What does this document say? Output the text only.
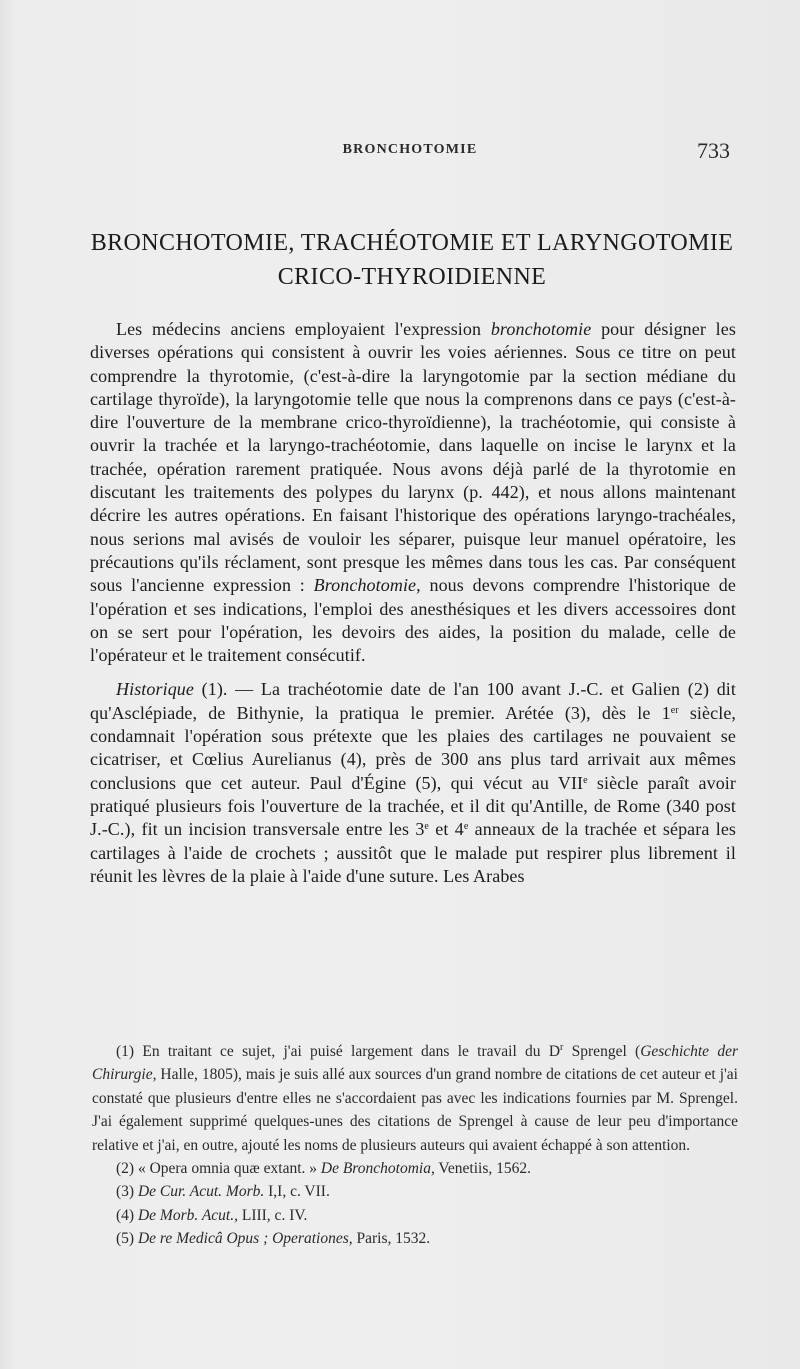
BRONCHOTOMIE	733
BRONCHOTOMIE, TRACHÉOTOMIE ET LARYNGOTOMIE
CRICO-THYROIDIENNE

Les médecins anciens employaient l'expression bronchotomie pour désigner les diverses opérations qui consistent à ouvrir les voies aériennes. Sous ce titre on peut comprendre la thyrotomie, (c'est-à-dire la laryngotomie par la section médiane du cartilage thyroïde), la laryngotomie telle que nous la comprenons dans ce pays (c'est-à-dire l'ouverture de la membrane crico-thyroïdienne), la trachéotomie, qui consiste à ouvrir la trachée et la laryngo-trachéotomie, dans laquelle on incise le larynx et la trachée, opération rarement pratiquée. Nous avons déjà parlé de la thyrotomie en discutant les traitements des polypes du larynx (p. 442), et nous allons maintenant décrire les autres opérations. En faisant l'historique des opérations laryngo-trachéales, nous serions mal avisés de vouloir les séparer, puisque leur manuel opératoire, les précautions qu'ils réclament, sont presque les mêmes dans tous les cas. Par conséquent sous l'ancienne expression : Bronchotomie, nous devons comprendre l'historique de l'opération et ses indications, l'emploi des anesthésiques et les divers accessoires dont on se sert pour l'opération, les devoirs des aides, la position du malade, celle de l'opérateur et le traitement consécutif.

Historique (1). — La trachéotomie date de l'an 100 avant J.-C. et Galien (2) dit qu'Asclépiade, de Bithynie, la pratiqua le premier. Arétée (3), dès le 1er siècle, condamnait l'opération sous prétexte que les plaies des cartilages ne pouvaient se cicatriser, et Cœlius Aurelianus (4), près de 300 ans plus tard arrivait aux mêmes conclusions que cet auteur. Paul d'Égine (5), qui vécut au VIIe siècle paraît avoir pratiqué plusieurs fois l'ouverture de la trachée, et il dit qu'Antille, de Rome (340 post J.-C.), fit un incision transversale entre les 3e et 4e anneaux de la trachée et sépara les cartilages à l'aide de crochets ; aussitôt que le malade put respirer plus librement il réunit les lèvres de la plaie à l'aide d'une suture. Les Arabes

(1) En traitant ce sujet, j'ai puisé largement dans le travail du $D^r$ Sprengel (Geschichte der Chirurgie, Halle, 1805), mais je suis allé aux sources d'un grand nombre de citations de cet auteur et j'ai constaté que plusieurs d'entre elles ne s'accordaient pas avec les indications fournies par M. Sprengel. J'ai également supprimé quelques-unes des citations de Sprengel à cause de leur peu d'importance relative et j'ai, en outre, ajouté les noms de plusieurs auteurs qui avaient échappé à son attention.

(2) « Opera omnia quæ extant. » De Bronchotomia, Venetiis, 1562.

(3) De Cur. Acut. Morb. I,I, c. VII.

(4) De Morb. Acut., LIII, c. IV.

(5) De re Medicâ Opus ; Operationes, Paris, 1532.
